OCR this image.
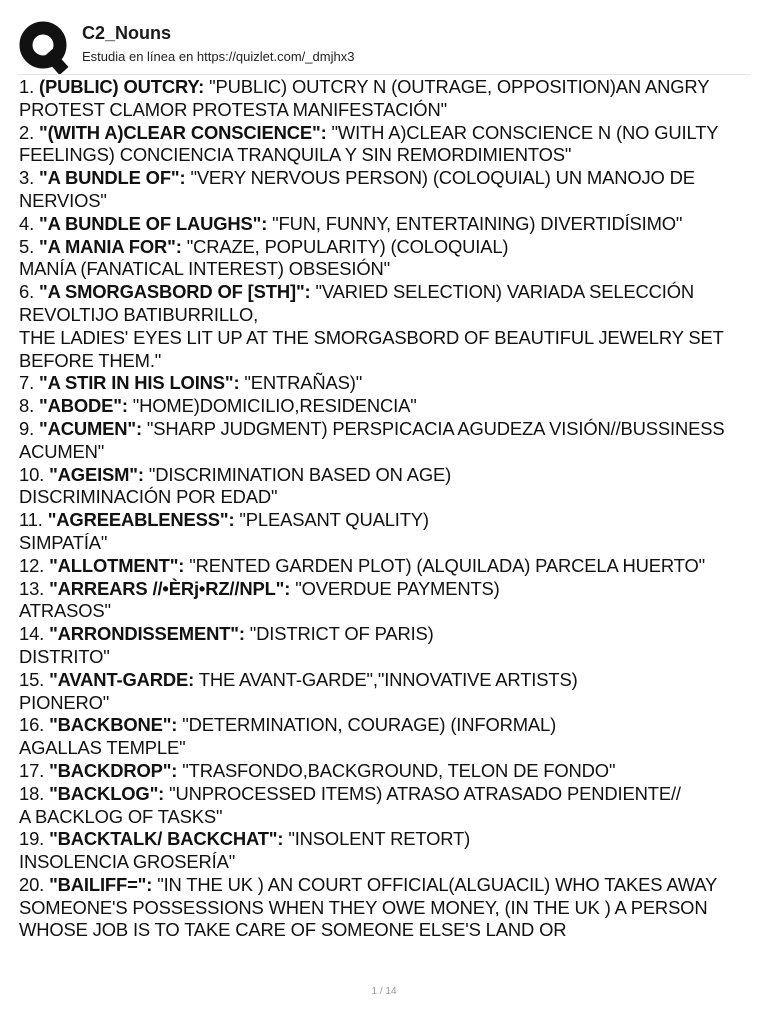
C2_Nouns
Estudia en línea en https://quizlet.com/_dmjhx3

1. (PUBLIC) OUTCRY: "PUBLIC) OUTCRY N (OUTRAGE, OPPOSITION)AN ANGRY PROTEST CLAMOR PROTESTA MANIFESTACIÓN"

2. "(WITH A)CLEAR CONSCIENCE": "WITH A)CLEAR CONSCIENCE N (NO GUILTY FEELINGS) CONCIENCIA TRANQUILA Y SIN REMORDIMIENTOS"

3. "A BUNDLE OF": "VERY NERVOUS PERSON) (COLOQUIAL) UN MANOJO DE NERVIOS"

4. "A BUNDLE OF LAUGHS": "FUN, FUNNY, ENTERTAINING) DIVERTIDÍSIMO"

5. "A MANIA FOR": "CRAZE, POPULARITY) (COLOQUIAL)
MANÍA (FANATICAL INTEREST) OBSESIÓN"

6. "A SMORGASBORD OF [STH]": "VARIED SELECTION) VARIADA SELECCIÓN REVOLTIJO BATIBURRILLO,
THE LADIES' EYES LIT UP AT THE SMORGASBORD OF BEAUTIFUL JEWELRY SET BEFORE THEM."

7. "A STIR IN HIS LOINS": "ENTRAÑAS)"

8. "ABODE": "HOME)DOMICILIO,RESIDENCIA"

9. "ACUMEN": "SHARP JUDGMENT) PERSPICACIA AGUDEZA VISIÓN//BUSSINESS ACUMEN"

10. "AGEISM": "DISCRIMINATION BASED ON AGE)
DISCRIMINACIÓN POR EDAD"

11. "AGREEABLENESS": "PLEASANT QUALITY)
SIMPATÍA"

12. "ALLOTMENT": "RENTED GARDEN PLOT) (ALQUILADA) PARCELA HUERTO"

13. "ARREARS //•ÈRj•RZ//NPL": "OVERDUE PAYMENTS)
ATRASOS"

14. "ARRONDISSEMENT": "DISTRICT OF PARIS)
DISTRITO"

15. "AVANT-GARDE: THE AVANT-GARDE","INNOVATIVE ARTISTS)
PIONERO"

16. "BACKBONE": "DETERMINATION, COURAGE) (INFORMAL)
AGALLAS TEMPLE"

17. "BACKDROP": "TRASFONDO,BACKGROUND, TELON DE FONDO"

18. "BACKLOG": "UNPROCESSED ITEMS) ATRASO ATRASADO PENDIENTE//
A BACKLOG OF TASKS"

19. "BACKTALK/ BACKCHAT": "INSOLENT RETORT)
INSOLENCIA GROSERÍA"

20. "BAILIFF=": "IN THE UK ) AN COURT OFFICIAL(ALGUACIL) WHO TAKES AWAY SOMEONE'S POSSESSIONS WHEN THEY OWE MONEY, (IN THE UK ) A PERSON WHOSE JOB IS TO TAKE CARE OF SOMEONE ELSE'S LAND OR

1 / 14
